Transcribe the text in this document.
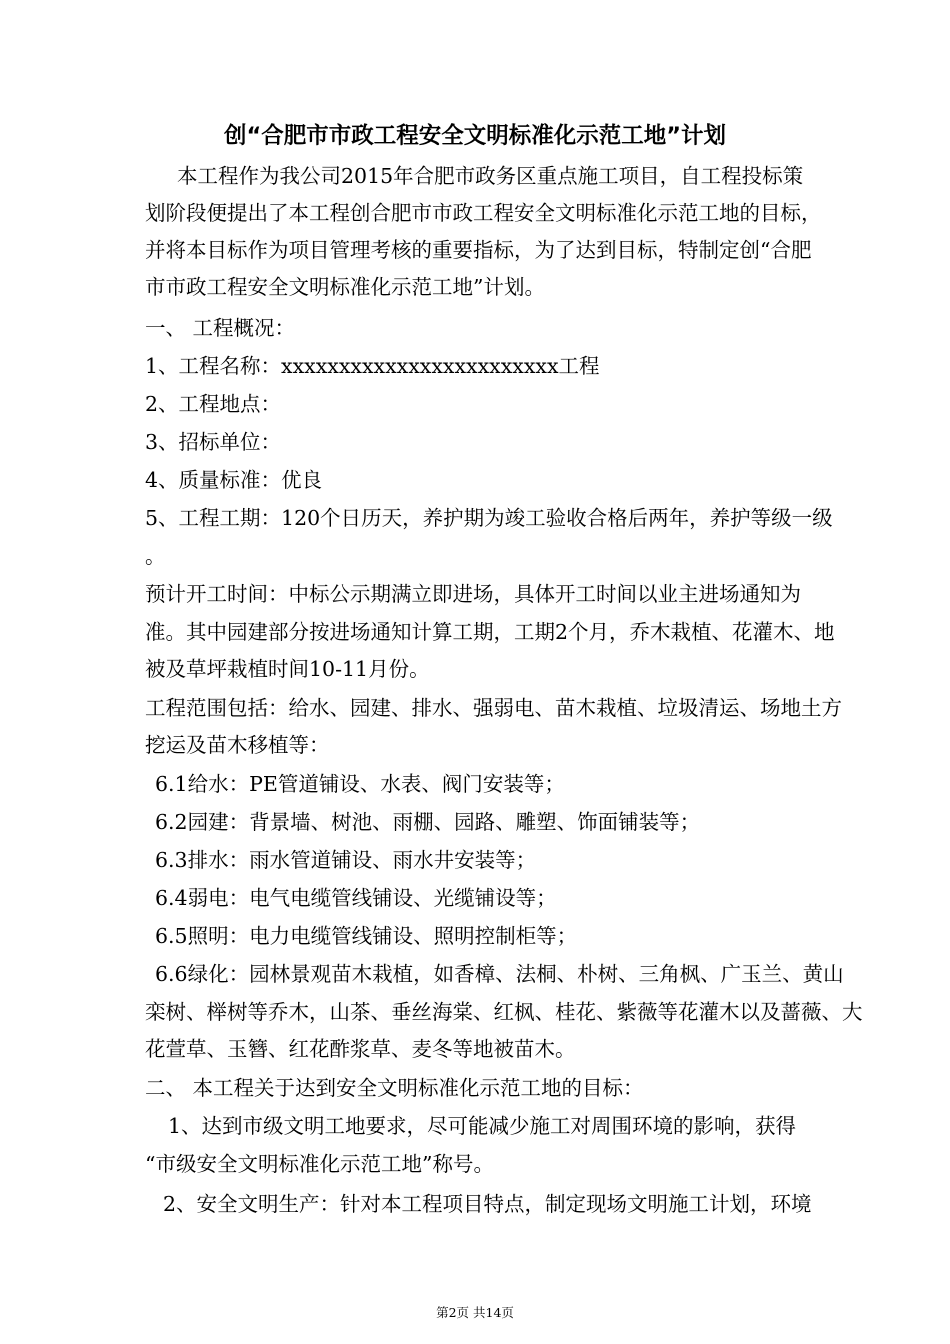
创“合肥市市政工程安全文明标准化示范工地”计划
本工程作为我公司2015年合肥市政务区重点施工项目，自工程投标策
划阶段便提出了本工程创合肥市市政工程安全文明标准化示范工地的目标，
并将本目标作为项目管理考核的重要指标，为了达到目标，特制定创“合肥
市市政工程安全文明标准化示范工地”计划。
一、 工程概况：
1、工程名称：xxxxxxxxxxxxxxxxxxxxxxxx工程
2、工程地点：
3、招标单位：
4、质量标准：优良
5、工程工期：120个日历天，养护期为竣工验收合格后两年，养护等级一级
。
预计开工时间：中标公示期满立即进场，具体开工时间以业主进场通知为
准。其中园建部分按进场通知计算工期，工期2个月，乔木栽植、花灌木、地
被及草坪栽植时间10-11月份。
工程范围包括：给水、园建、排水、强弱电、苗木栽植、垃圾清运、场地土方
挖运及苗木移植等：
6.1给水：PE管道铺设、水表、阀门安装等；
6.2园建：背景墙、树池、雨棚、园路、雕塑、饰面铺装等；
6.3排水：雨水管道铺设、雨水井安装等；
6.4弱电：电气电缆管线铺设、光缆铺设等；
6.5照明：电力电缆管线铺设、照明控制柜等；
6.6绿化：园林景观苗木栽植，如香樟、法桐、朴树、三角枫、广玉兰、黄山
栾树、榉树等乔木，山茶、垂丝海棠、红枫、桂花、紫薇等花灌木以及蔷薇、大
花萱草、玉簪、红花酢浆草、麦冬等地被苗木。
二、 本工程关于达到安全文明标准化示范工地的目标：
1、达到市级文明工地要求，尽可能减少施工对周围环境的影响，获得
“市级安全文明标准化示范工地”称号。
2、安全文明生产：针对本工程项目特点，制定现场文明施工计划，环境
第2页 共14页
